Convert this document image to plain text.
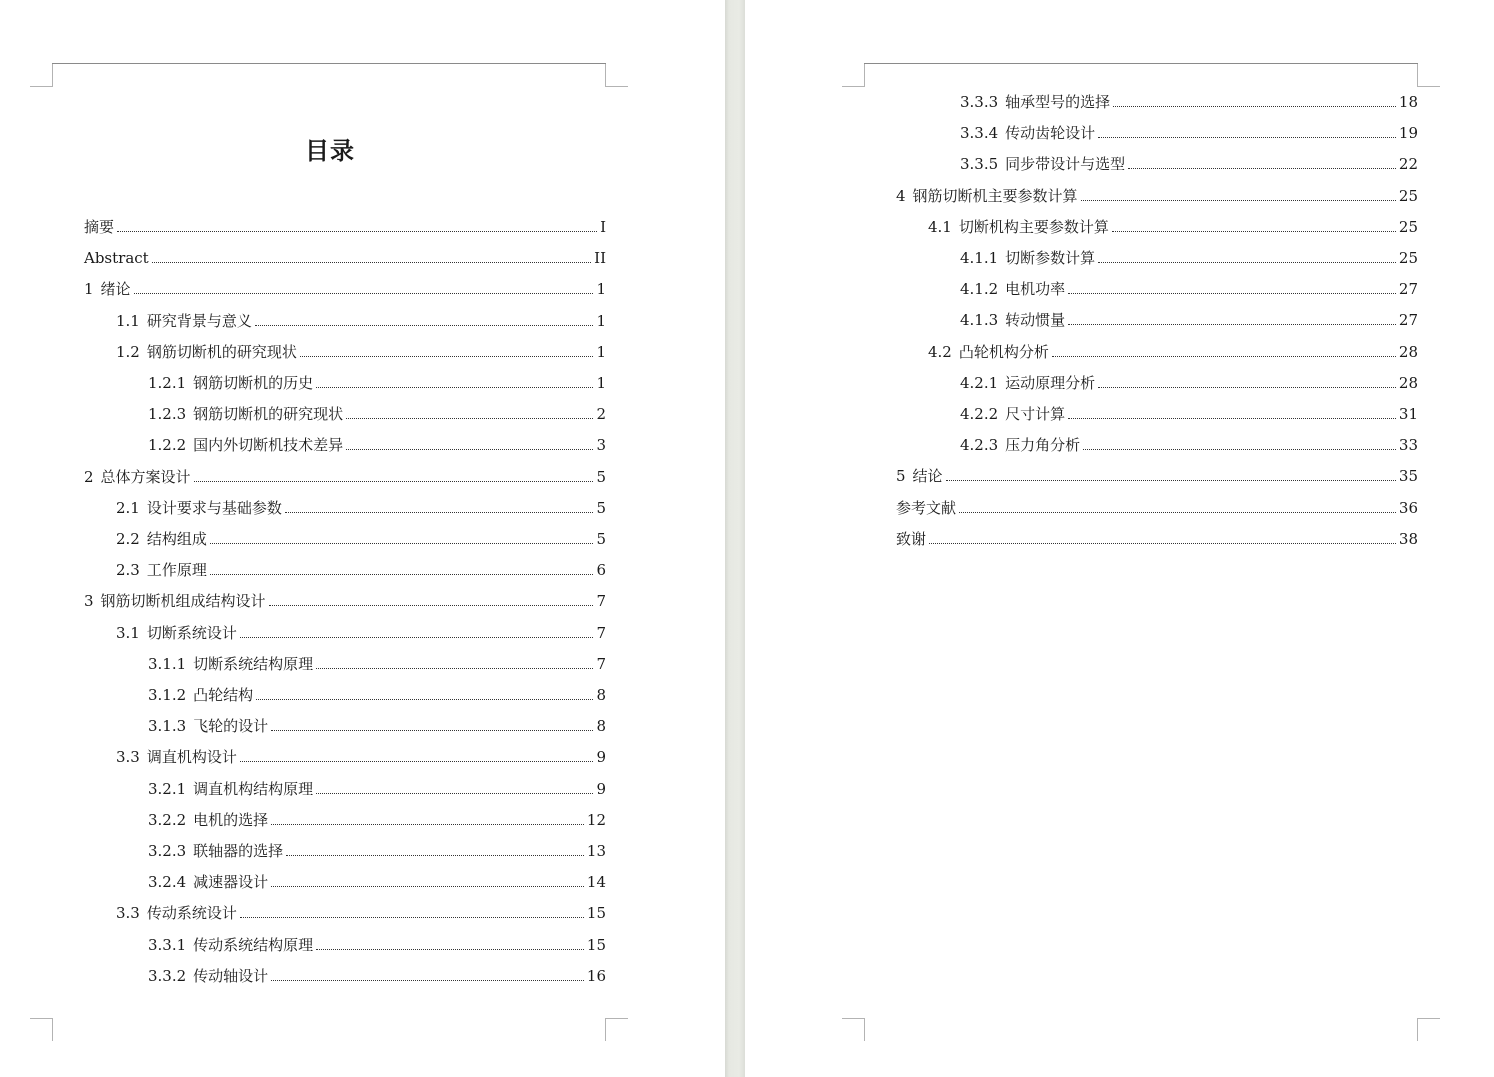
目录
摘要	I
Abstract	II
1 绪论	1
1.1 研究背景与意义	1
1.2 钢筋切断机的研究现状	1
1.2.1 钢筋切断机的历史	1
1.2.3 钢筋切断机的研究现状	2
1.2.2 国内外切断机技术差异	3
2 总体方案设计	5
2.1 设计要求与基础参数	5
2.2 结构组成	5
2.3 工作原理	6
3 钢筋切断机组成结构设计	7
3.1 切断系统设计	7
3.1.1 切断系统结构原理	7
3.1.2 凸轮结构	8
3.1.3 飞轮的设计	8
3.3 调直机构设计	9
3.2.1 调直机构结构原理	9
3.2.2 电机的选择	12
3.2.3 联轴器的选择	13
3.2.4 减速器设计	14
3.3 传动系统设计	15
3.3.1 传动系统结构原理	15
3.3.2 传动轴设计	16
3.3.3 轴承型号的选择	18
3.3.4 传动齿轮设计	19
3.3.5 同步带设计与选型	22
4 钢筋切断机主要参数计算	25
4.1 切断机构主要参数计算	25
4.1.1 切断参数计算	25
4.1.2 电机功率	27
4.1.3 转动惯量	27
4.2 凸轮机构分析	28
4.2.1 运动原理分析	28
4.2.2 尺寸计算	31
4.2.3 压力角分析	33
5 结论	35
参考文献	36
致谢	38
